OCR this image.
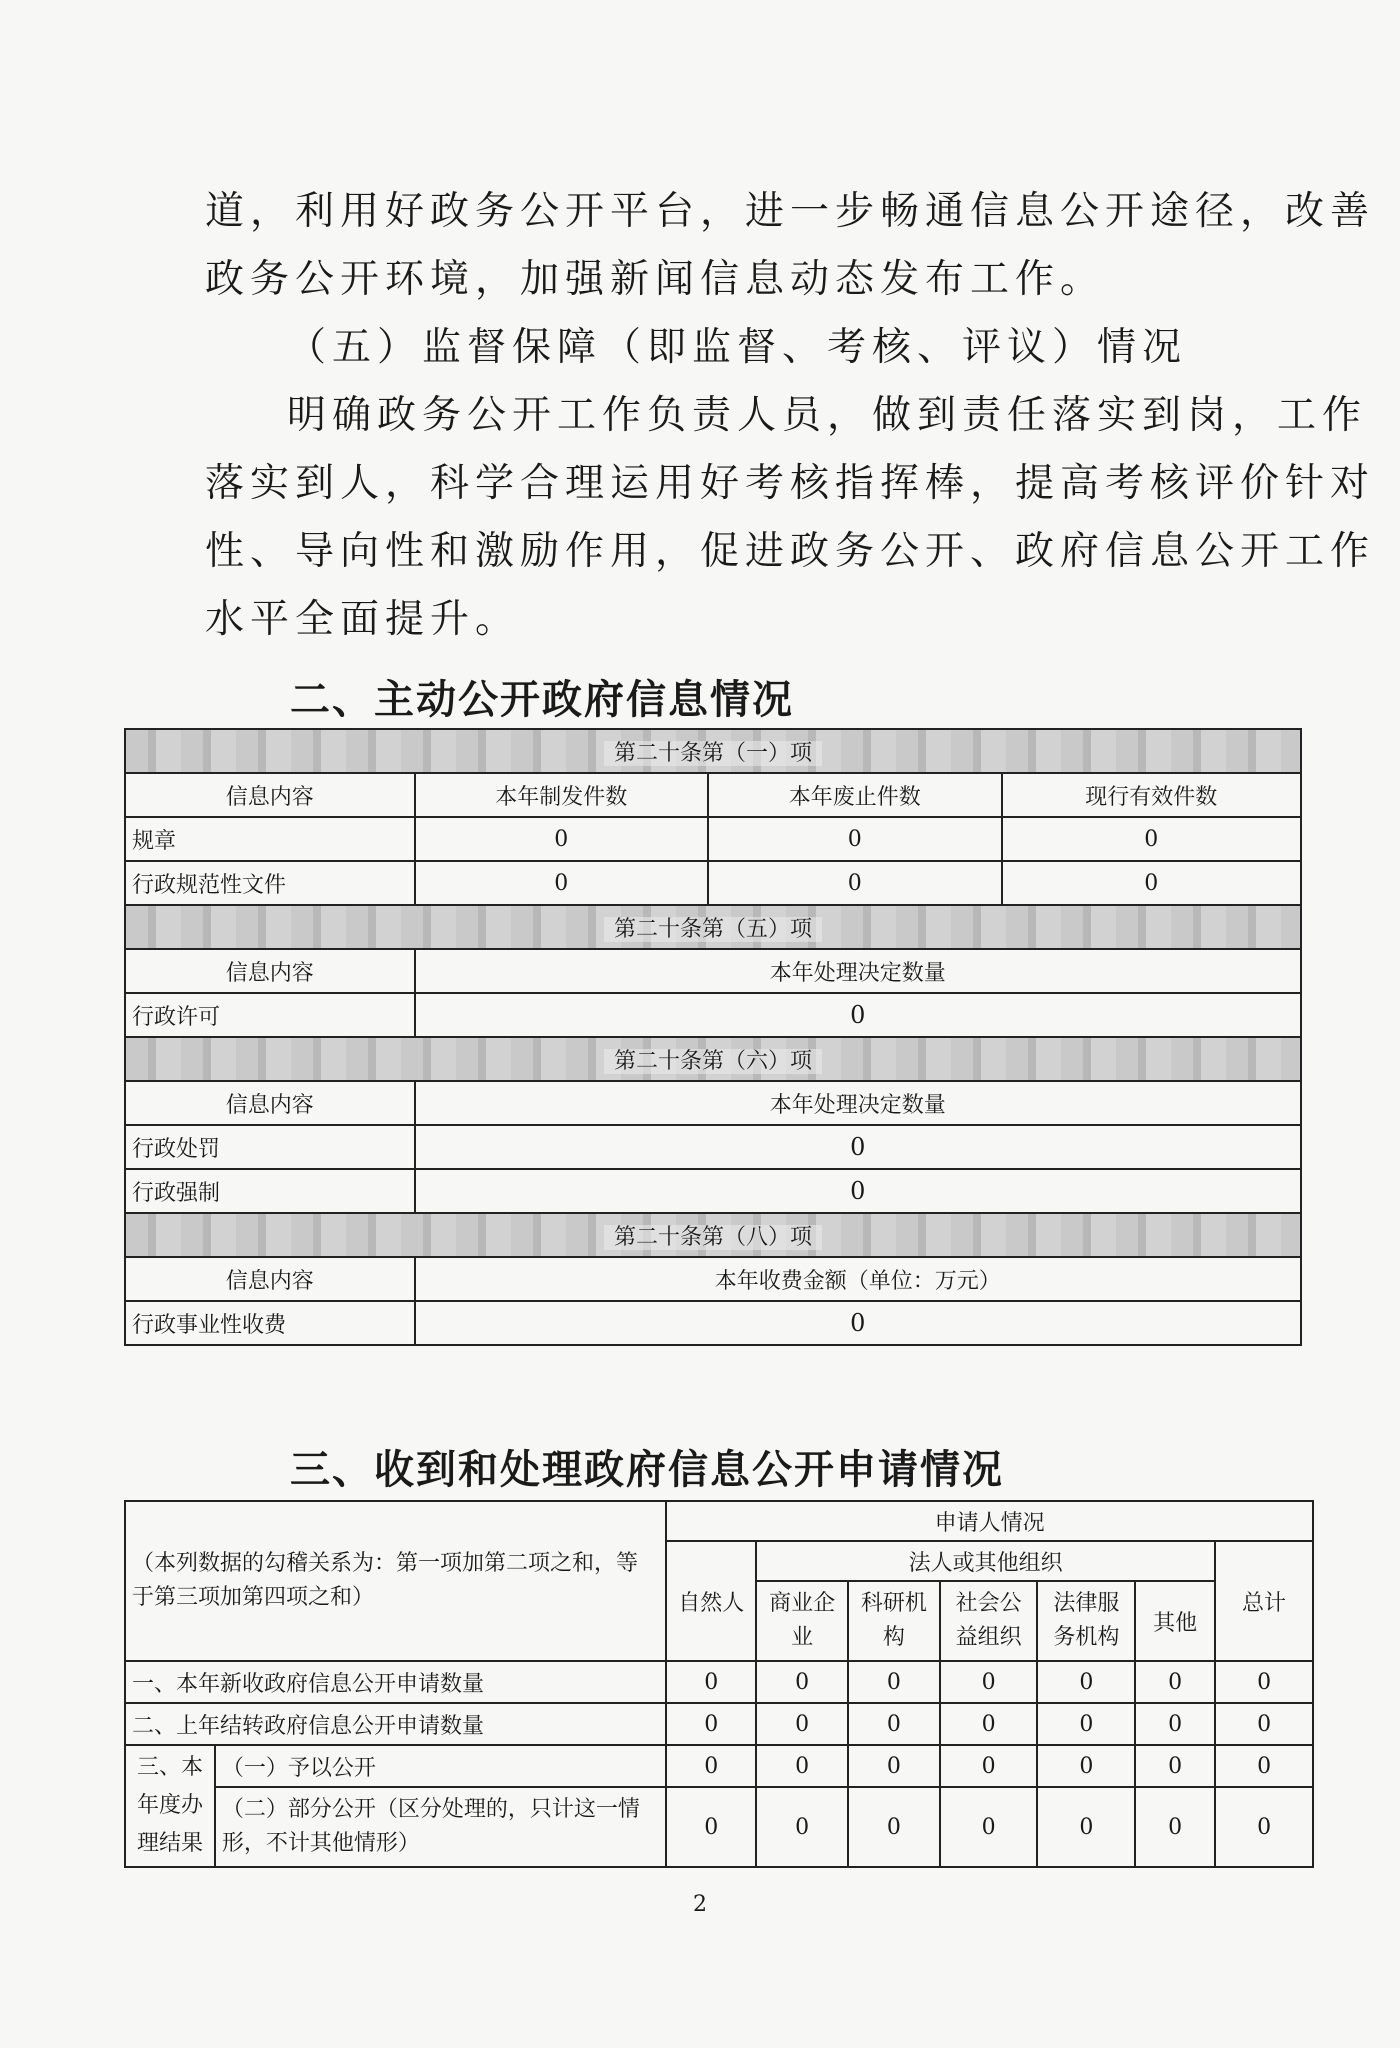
道，利用好政务公开平台，进一步畅通信息公开途径，改善
政务公开环境，加强新闻信息动态发布工作。
（五）监督保障（即监督、考核、评议）情况
明确政务公开工作负责人员，做到责任落实到岗，工作
落实到人，科学合理运用好考核指挥棒，提高考核评价针对
性、导向性和激励作用，促进政务公开、政府信息公开工作
水平全面提升。
二、主动公开政府信息情况
第二十条第（一）项			
信息内容	本年制发件数	本年废止件数	现行有效件数
规章	0	0	0
行政规范性文件	0	0	0
第二十条第（五）项			
信息内容	本年处理决定数量		
行政许可	0		
第二十条第（六）项			
信息内容	本年处理决定数量		
行政处罚	0		
行政强制	0		
第二十条第（八）项			
信息内容	本年收费金额（单位：万元）		
行政事业性收费	0		
三、收到和处理政府信息公开申请情况
（本列数据的勾稽关系为：第一项加第二项之和，等于第三项加第四项之和）		申请人情况						
		自然人	法人或其他组织					总计
			商业企业	科研机构	社会公益组织	法律服务机构	其他	
一、本年新收政府信息公开申请数量		0	0	0	0	0	0	0
二、上年结转政府信息公开申请数量		0	0	0	0	0	0	0
三、本年度办理结果	（一）予以公开	0	0	0	0	0	0	0
	（二）部分公开（区分处理的，只计这一情形，不计其他情形）	0	0	0	0	0	0	0
2
